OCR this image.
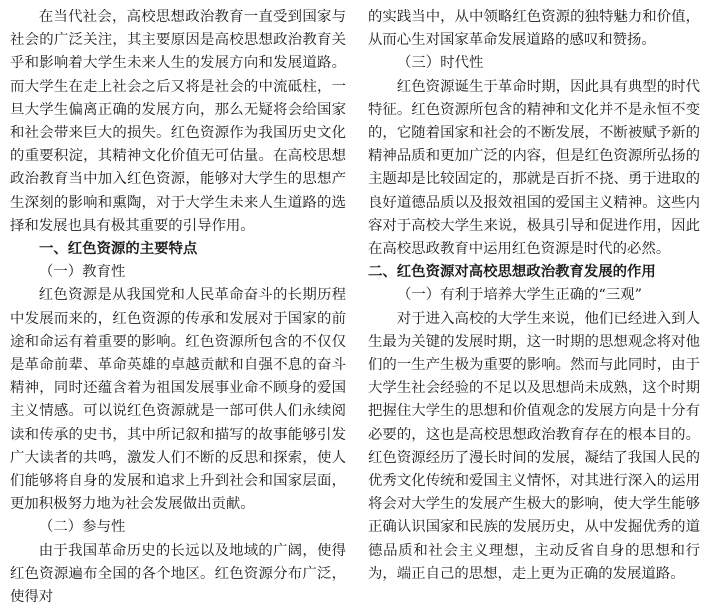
在当代社会，高校思想政治教育一直受到国家与社会的广泛关注，其主要原因是高校思想政治教育关乎和影响着大学生未来人生的发展方向和发展道路。而大学生在走上社会之后又将是社会的中流砥柱，一旦大学生偏离正确的发展方向，那么无疑将会给国家和社会带来巨大的损失。红色资源作为我国历史文化的重要积淀，其精神文化价值无可估量。在高校思想政治教育当中加入红色资源，能够对大学生的思想产生深刻的影响和熏陶，对于大学生未来人生道路的选择和发展也具有极其重要的引导作用。

一、红色资源的主要特点

（一）教育性

红色资源是从我国党和人民革命奋斗的长期历程中发展而来的，红色资源的传承和发展对于国家的前途和命运有着重要的影响。红色资源所包含的不仅仅是革命前辈、革命英雄的卓越贡献和自强不息的奋斗精神，同时还蕴含着为祖国发展事业命不顾身的爱国主义情感。可以说红色资源就是一部可供人们永续阅读和传承的史书，其中所记叙和描写的故事能够引发广大读者的共鸣，激发人们不断的反思和探索，使人们能够将自身的发展和追求上升到社会和国家层面，更加积极努力地为社会发展做出贡献。

（二）参与性

由于我国革命历史的长远以及地域的广阔，使得红色资源遍布全国的各个地区。红色资源分布广泛，使得对

的实践当中，从中领略红色资源的独特魅力和价值，从而心生对国家革命发展道路的感叹和赞扬。

（三）时代性

红色资源诞生于革命时期，因此具有典型的时代特征。红色资源所包含的精神和文化并不是永恒不变的，它随着国家和社会的不断发展，不断被赋予新的精神品质和更加广泛的内容，但是红色资源所弘扬的主题却是比较固定的，那就是百折不挠、勇于进取的良好道德品质以及报效祖国的爱国主义精神。这些内容对于高校大学生来说，极具引导和促进作用，因此在高校思政教育中运用红色资源是时代的必然。

二、红色资源对高校思想政治教育发展的作用

（一）有利于培养大学生正确的“三观”

对于进入高校的大学生来说，他们已经进入到人生最为关键的发展时期，这一时期的思想观念将对他们的一生产生极为重要的影响。然而与此同时，由于大学生社会经验的不足以及思想尚未成熟，这个时期把握住大学生的思想和价值观念的发展方向是十分有必要的，这也是高校思想政治教育存在的根本目的。红色资源经历了漫长时间的发展，凝结了我国人民的优秀文化传统和爱国主义情怀，对其进行深入的运用将会对大学生的发展产生极大的影响，使大学生能够正确认识国家和民族的发展历史，从中发掘优秀的道德品质和社会主义理想，主动反省自身的思想和行为，端正自己的思想，走上更为正确的发展道路。
